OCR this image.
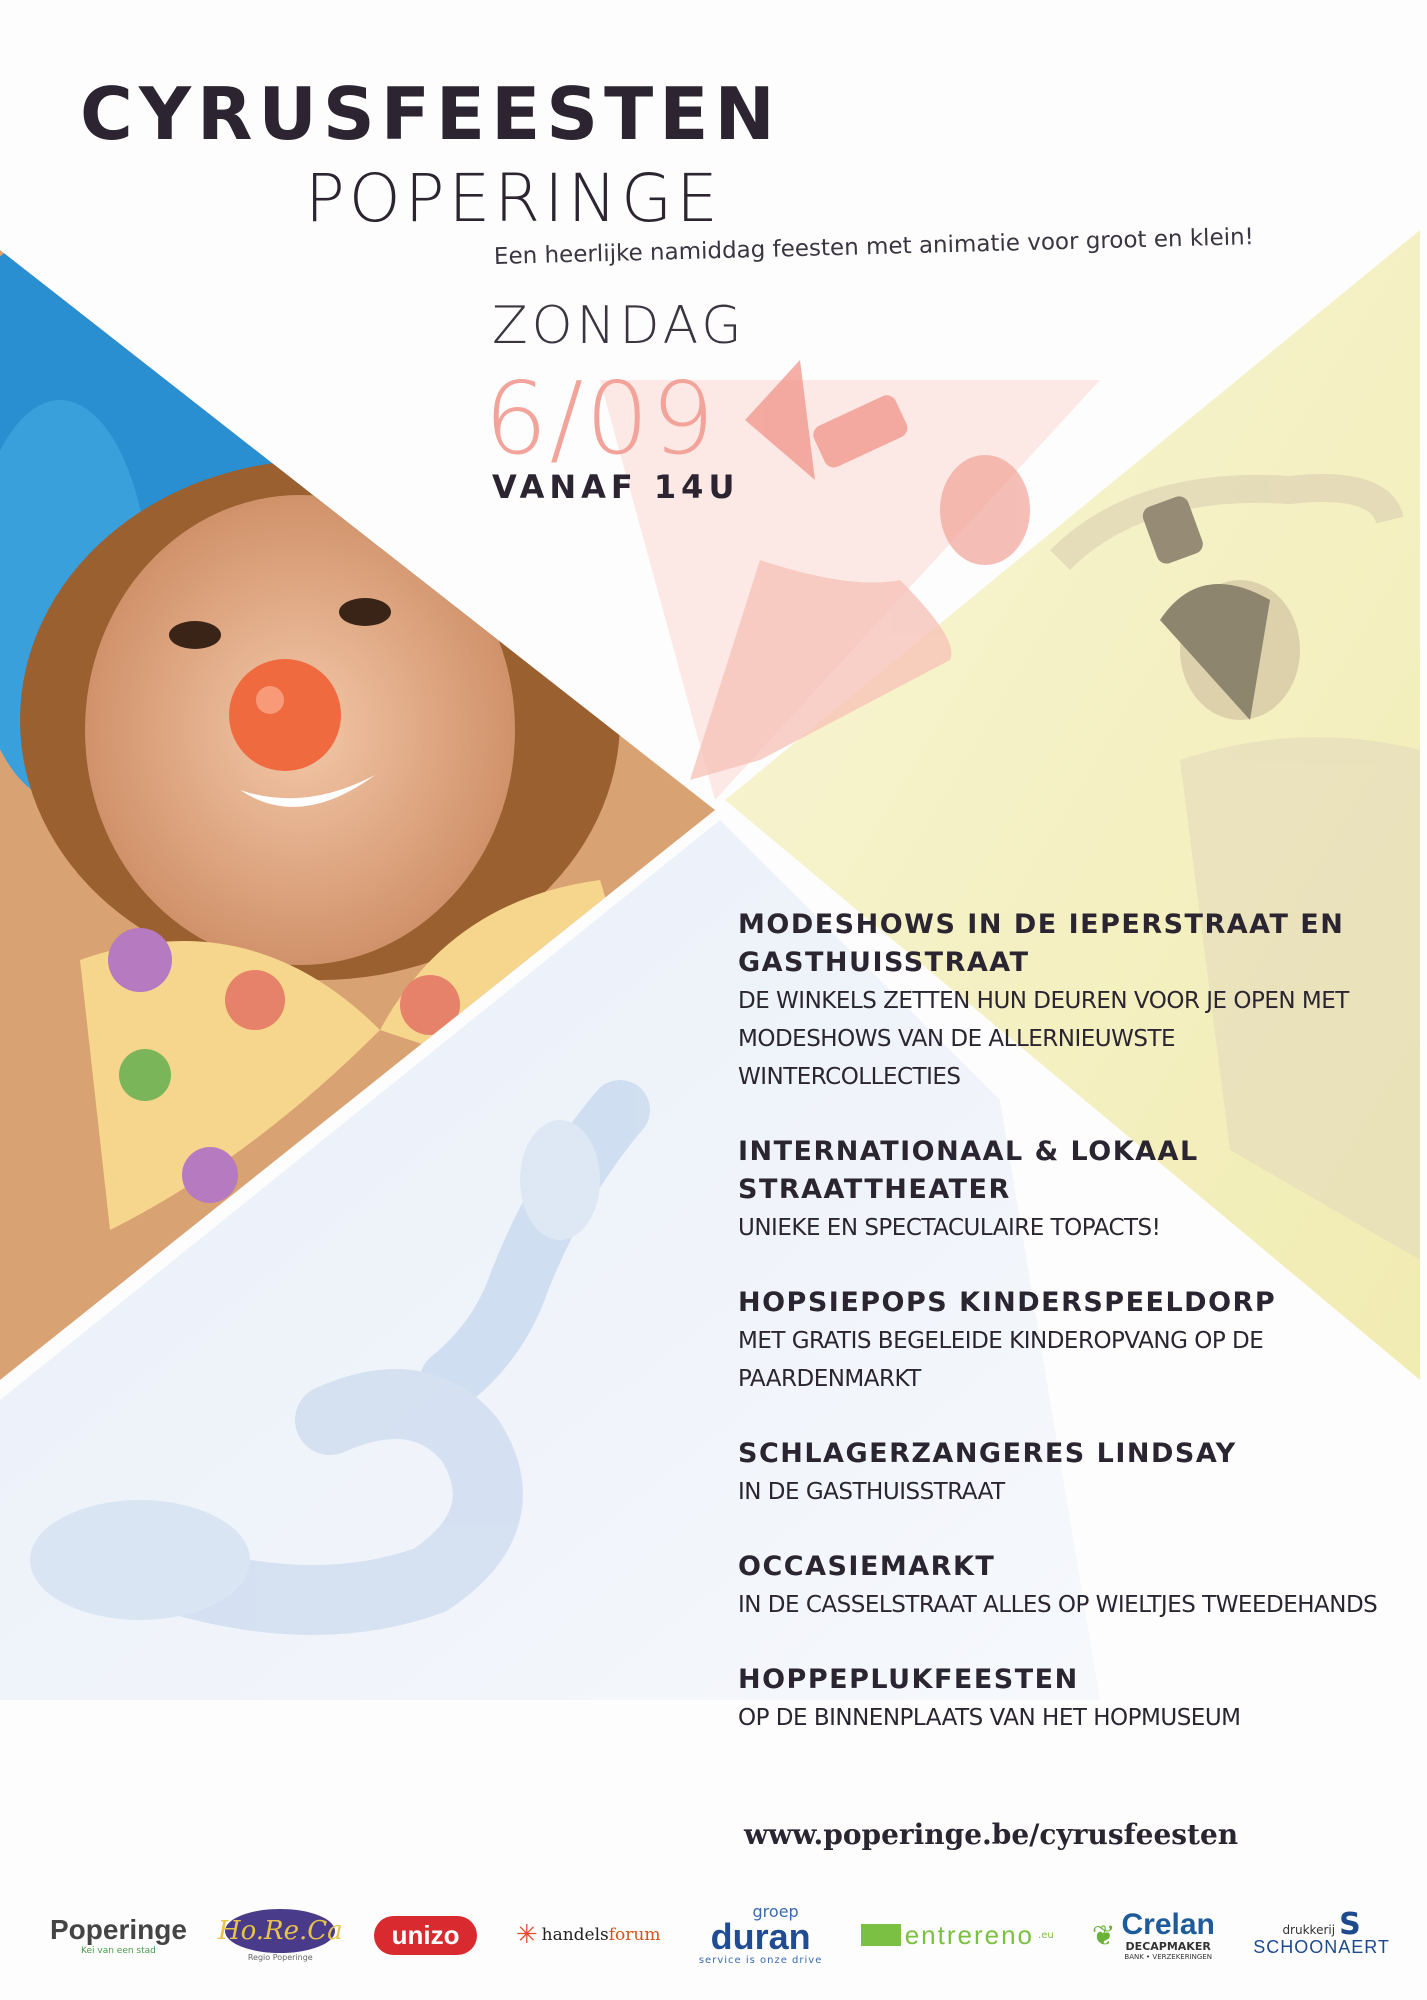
CYRUSFEESTEN
POPERINGE
Een heerlijke namiddag feesten met animatie voor groot en klein!
ZONDAG
6/09
VANAF 14U
MODESHOWS IN DE IEPERSTRAAT EN GASTHUISSTRAAT
DE WINKELS ZETTEN HUN DEUREN VOOR JE OPEN MET MODESHOWS VAN DE ALLERNIEUWSTE WINTERCOLLECTIES
INTERNATIONAAL & LOKAAL STRAATTHEATER
UNIEKE EN SPECTACULAIRE TOPACTS!
HOPSIEPOPS KINDERSPEELDORP
MET GRATIS BEGELEIDE KINDEROPVANG OP DE PAARDENMARKT
SCHLAGERZANGERES LINDSAY
IN DE GASTHUISSTRAAT
OCCASIEMARKT
IN DE CASSELSTRAAT ALLES OP WIELTJES TWEEDEHANDS
HOPPEPLUKFEESTEN
OP DE BINNENPLAATS VAN HET HOPMUSEUM
www.poperinge.be/cyrusfeesten
Poperinge
Kei van een stad
Ho.Re.Ca
Regio Poperinge
unizo	✳ handelsforum
groep
duran
service is onze drive
entrereno .eu ❦ Crelan
DECAPMAKER
BANK • VERZEKERINGEN
drukkerij S
SCHOONAERT
